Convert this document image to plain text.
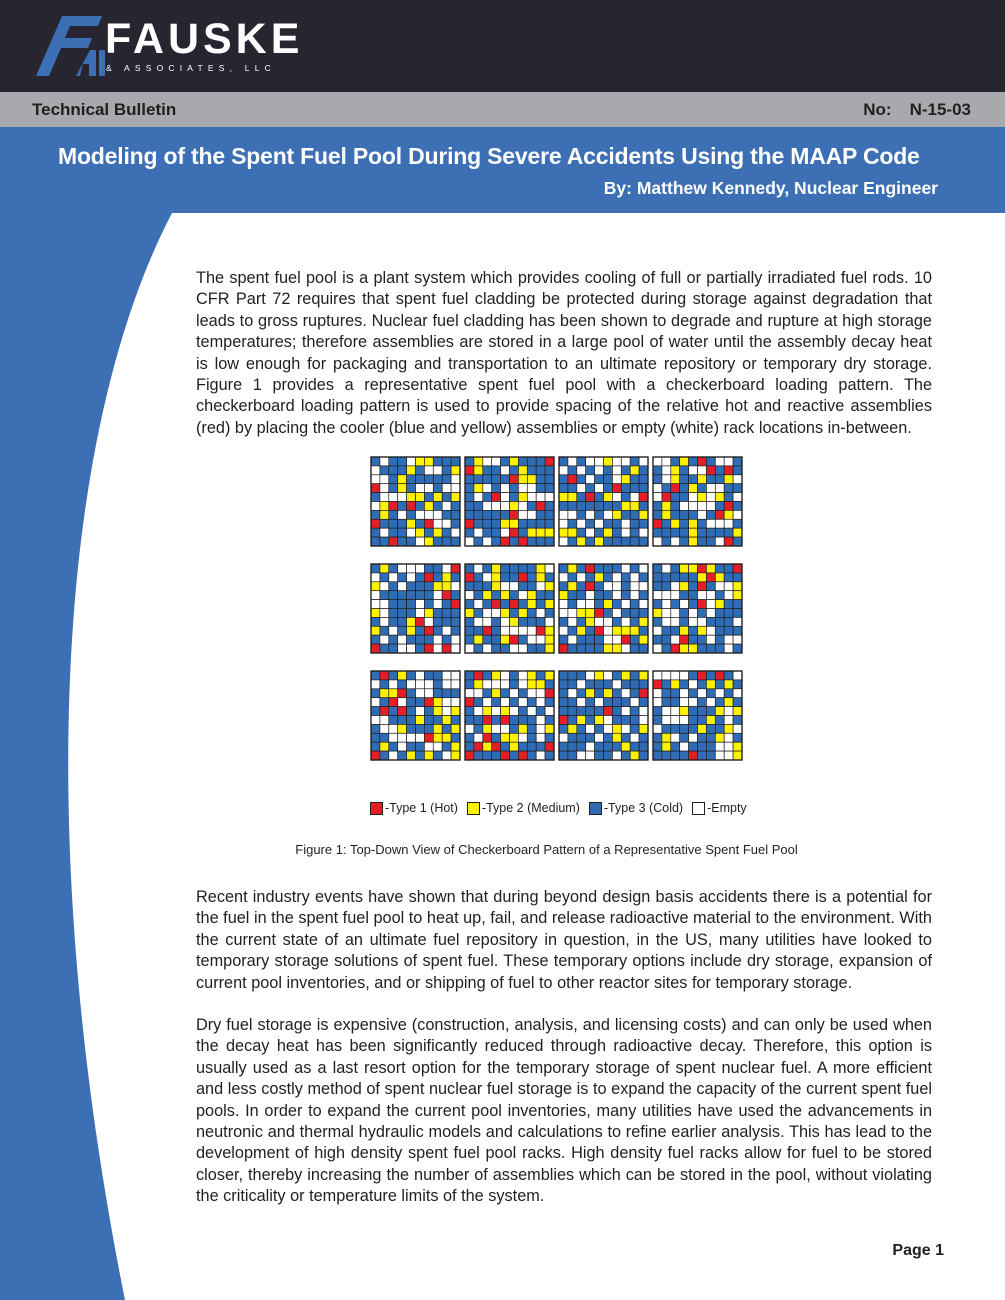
FAUSKE
& ASSOCIATES, LLC
Technical Bulletin	No: N-15-03
Modeling of the Spent Fuel Pool During Severe Accidents Using the MAAP Code
By: Matthew Kennedy, Nuclear Engineer

The spent fuel pool is a plant system which provides cooling of full or partially irradiated fuel rods. 10 CFR Part 72 requires that spent fuel cladding be protected during storage against degradation that leads to gross ruptures. Nuclear fuel cladding has been shown to degrade and rupture at high storage temperatures; therefore assemblies are stored in a large pool of water until the assembly decay heat is low enough for packaging and transportation to an ultimate repository or temporary dry storage. Figure 1 provides a representative spent fuel pool with a checkerboard loading pattern. The checkerboard loading pattern is used to provide spacing of the relative hot and reactive assemblies (red) by placing the cooler (blue and yellow) assemblies or empty (white) rack locations in-between.

-Type 1 (Hot) -Type 2 (Medium) -Type 3 (Cold) -Empty
Figure 1: Top-Down View of Checkerboard Pattern of a Representative Spent Fuel Pool

Recent industry events have shown that during beyond design basis accidents there is a potential for the fuel in the spent fuel pool to heat up, fail, and release radioactive material to the environment. With the current state of an ultimate fuel repository in question, in the US, many utilities have looked to temporary storage solutions of spent fuel. These temporary options include dry storage, expansion of current pool inventories, and or shipping of fuel to other reactor sites for temporary storage.

Dry fuel storage is expensive (construction, analysis, and licensing costs) and can only be used when the decay heat has been significantly reduced through radioactive decay. Therefore, this option is usually used as a last resort option for the temporary storage of spent nuclear fuel. A more efficient and less costly method of spent nuclear fuel storage is to expand the capacity of the current spent fuel pools. In order to expand the current pool inventories, many utilities have used the advancements in neutronic and thermal hydraulic models and calculations to refine earlier analysis. This has lead to the development of high density spent fuel pool racks. High density fuel racks allow for fuel to be stored closer, thereby increasing the number of assemblies which can be stored in the pool, without violating the criticality or temperature limits of the system.

Page 1
